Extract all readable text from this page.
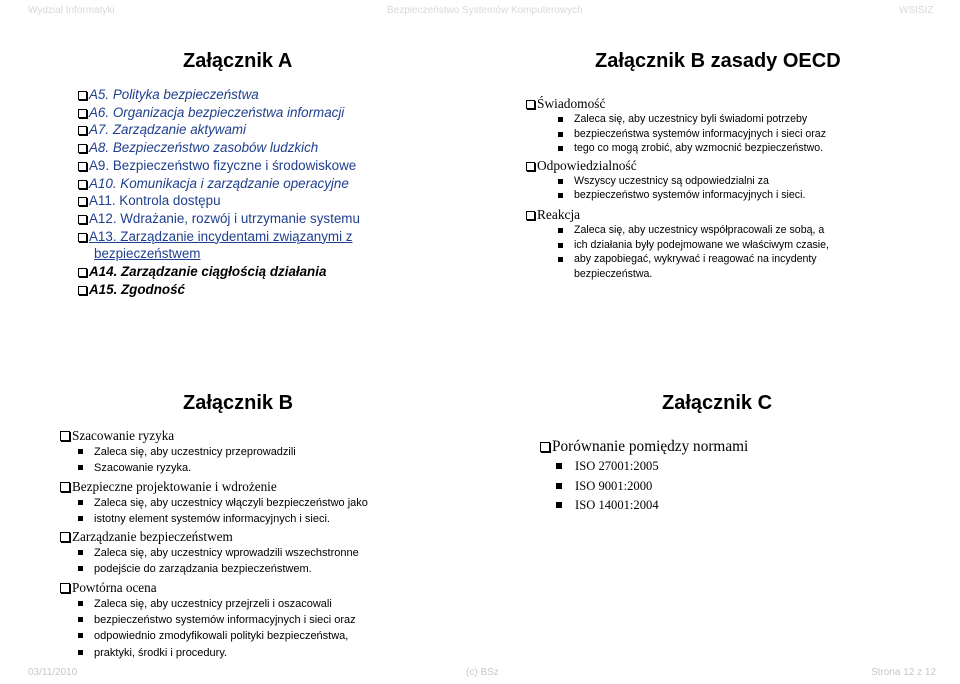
Wydział Informatyki	Bezpieczeństwo Systemów Komputerowych	WSISIZ
Załącznik A
A5. Polityka bezpieczeństwa
A6. Organizacja bezpieczeństwa informacji
A7. Zarządzanie aktywami
A8. Bezpieczeństwo zasobów ludzkich
A9. Bezpieczeństwo fizyczne i środowiskowe
A10. Komunikacja i zarządzanie operacyjne
A11. Kontrola dostępu
A12. Wdrażanie, rozwój i utrzymanie systemu
A13. Zarządzanie incydentami związanymi z
bezpieczeństwem
A14. Zarządzanie ciągłością działania
A15. Zgodność
Załącznik B zasady OECD
Świadomość
Zaleca się, aby uczestnicy byli świadomi potrzeby
bezpieczeństwa systemów informacyjnych i sieci oraz
tego co mogą zrobić, aby wzmocnić bezpieczeństwo.
Odpowiedzialność
Wszyscy uczestnicy są odpowiedzialni za
bezpieczeństwo systemów informacyjnych i sieci.
Reakcja
Zaleca się, aby uczestnicy współpracowali ze sobą, a
ich działania były podejmowane we właściwym czasie,
aby zapobiegać, wykrywać i reagować na incydenty
bezpieczeństwa.
Załącznik B
Szacowanie ryzyka
Zaleca się, aby uczestnicy przeprowadzili
Szacowanie ryzyka.
Bezpieczne projektowanie i wdrożenie
Zaleca się, aby uczestnicy włączyli bezpieczeństwo jako
istotny element systemów informacyjnych i sieci.
Zarządzanie bezpieczeństwem
Zaleca się, aby uczestnicy wprowadzili wszechstronne
podejście do zarządzania bezpieczeństwem.
Powtórna ocena
Zaleca się, aby uczestnicy przejrzeli i oszacowali
bezpieczeństwo systemów informacyjnych i sieci oraz
odpowiednio zmodyfikowali polityki bezpieczeństwa,
praktyki, środki i procedury.
Załącznik C
Porównanie pomiędzy normami
ISO 27001:2005
ISO 9001:2000
ISO 14001:2004
03/11/2010	(c) BSz	Strona 12 z 12
